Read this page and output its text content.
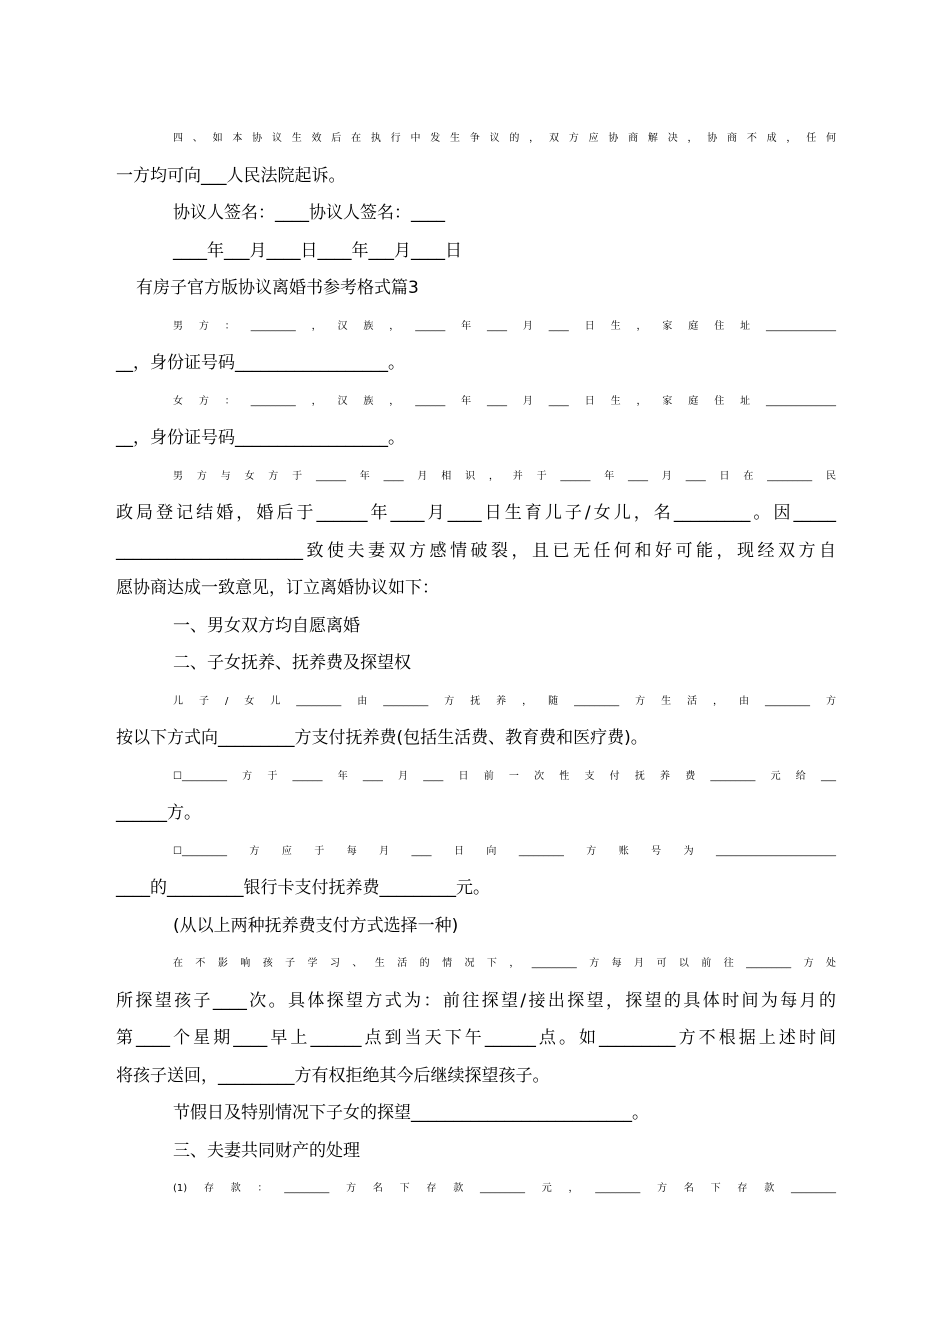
四、如本协议生效后在执行中发生争议的，双方应协商解决，协商不成，任何
一方均可向___人民法院起诉。
协议人签名：____协议人签名：____
____年___月____日____年___月____日
有房子官方版协议离婚书参考格式篇3
男方：_________，汉族，______年____月____日生，家庭住址______________
__，身份证号码__________________。
女方：_________，汉族，______年____月____日生，家庭住址______________
__，身份证号码__________________。
男方与女方于______年____月相识，并于______年____月____日在_________民
政局登记结婚，婚后于______年____月____日生育儿子/女儿，名_________。因_____
______________________致使夫妻双方感情破裂，且已无任何和好可能，现经双方自
愿协商达成一致意见，订立离婚协议如下：
一、男女双方均自愿离婚
二、子女抚养、抚养费及探望权
儿子/女儿_________由_________方抚养，随_________方生活，由_________方
按以下方式向_________方支付抚养费(包括生活费、教育费和医疗费)。
☐_________方于______年____月____日前一次性支付抚养费_________元给___
______方。
☐_________方应于每月____日向_________方账号为________________________
____的_________银行卡支付抚养费_________元。
(从以上两种抚养费支付方式选择一种)
在不影响孩子学习、生活的情况下，_________方每月可以前往_________方处
所探望孩子____次。具体探望方式为：前往探望/接出探望，探望的具体时间为每月的
第____个星期____早上______点到当天下午______点。如_________方不根据上述时间
将孩子送回，_________方有权拒绝其今后继续探望孩子。
节假日及特别情况下子女的探望__________________________。
三、夫妻共同财产的处理
(1)存款：_________方名下存款_________元，_________方名下存款_________
